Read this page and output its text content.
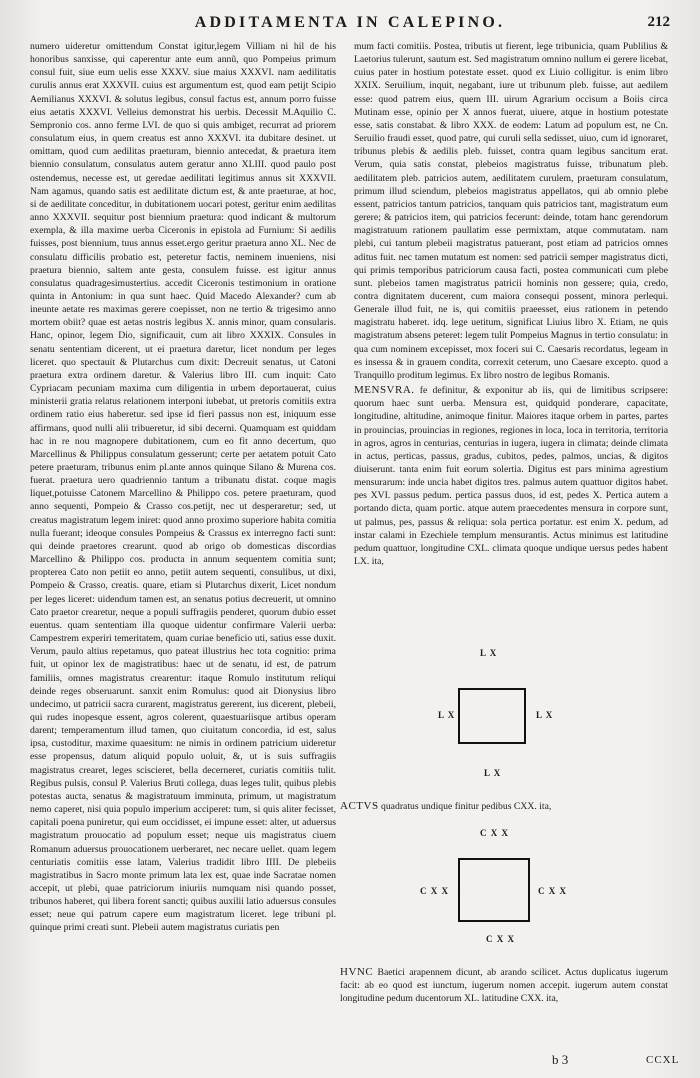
ADDITAMENTA IN CALEPINO.	212

numero uideretur omittendum Constat igitur,legem Villiam ni hil de his honoribus sanxisse, qui caperentur ante eum annũ, quo Pompeius primum consul fuit, siue eum uelis esse XXXV. siue maius XXXVI. nam aedilitatis curulis annus erat XXXVII. cuius est argumentum est, quod eam petijt Scipio Aemilianus XXXVI. & solutus legibus, consul factus est, annum porro fuisse eius aetatis XXXVI. Velleius demonstrat his uerbis. Decessit M.Aquilio C. Sempronio cos. anno ferme LVI. de quo si quis ambiget, recurrat ad priorem consulatum eius, in quem creatus est anno XXXVI. ita dubitare desinet. ut omittam, quod cum aedilitas praeturam, biennio antecedat, & praetura item biennio consulatum, consulatus autem geratur anno XLIII. quod paulo post ostendemus, necesse est, ut geredae aedilitati legitimus annus sit XXXVII. Nam agamus, quando satis est aedilitate dictum est, & ante praeturae, at hoc, si de aedilitate conceditur, in dubitationem uocari potest, geritur enim aedilitas anno XXXVII. sequitur post biennium praetura: quod indicant & multorum exempla, & illa maxime uerba Ciceronis in epistola ad Furnium: Si aedilis fuisses, post biennium, tuus annus esset.ergo geritur praetura anno XL. Nec de consulatu difficilis probatio est, peteretur factis, neminem inueniens, nisi praetura biennio, saltem ante gesta, consulem fuisse. est igitur annus consulatus quadragesimustertius. accedit Ciceronis testimonium in oratione quinta in Antonium: in qua sunt haec. Quid Macedo Alexander? cum ab ineunte aetate res maximas gerere coepisset, non ne tertio & trigesimo anno mortem obiit? quae est aetas nostris legibus X. annis minor, quam consularis. Hanc, opinor, legem Dio, significauit, cum ait libro XXXIX. Consules in senatu sententiam dicerent, ut ei praetura daretur, licet nondum per leges liceret. quo spectauit & Plutarchus cum dixit: Decreuit senatus, ut Catoni praetura extra ordinem daretur. & Valerius libro III. cum inquit: Cato Cypriacam pecuniam maxima cum diligentia in urbem deportauerat, cuius ministerii gratia relatus relationem interponi iubebat, ut pretoris comitiis extra ordinem ratio eius haberetur. sed ipse id fieri passus non est, iniquum esse affirmans, quod nulli alii tribueretur, id sibi decerni. Quamquam est quiddam hac in re nou magnopere dubitationem, cum eo fit anno decertum, quo Marcellinus & Philippus consulatum gesserunt; certe per aetatem potuit Cato petere praeturam, tribunus enim pl.ante annos quinque Silano & Murena cos. fuerat. praetura uero quadriennio tantum a tribunatu distat. coque magis liquet,potuisse Catonem Marcellino & Philippo cos. petere praeturam, quod anno sequenti, Pompeio & Crasso cos.petijt, nec ut desperaretur; sed, ut creatus magistratum legem iniret: quod anno proximo superiore habita comitia nulla fuerant; ideoque consules Pompeius & Crassus ex interregno facti sunt: qui deinde praetores crearunt. quod ab origo ob domesticas discordias Marcellino & Philippo cos. producta in annum sequentem comitia sunt; propterea Cato non petiit eo anno, petiit autem sequenti, consulibus, ut dixi, Pompeio & Crasso, creatis. quare, etiam si Plutarchus dixerit, Licet nondum per leges liceret: uidendum tamen est, an senatus potius decreuerit, ut omnino Cato praetor crearetur, neque a populi suffragiis penderet, quorum dubio esset euentus. quam sententiam illa quoque uidentur confirmare Valerii uerba: Campestrem experiri temeritatem, quam curiae beneficio uti, satius esse duxit. Verum, paulo altius repetamus, quo pateat illustrius hec tota cognitio: prima fuit, ut opinor lex de magistratibus: haec ut de senatu, id est, de patrum familiis, omnes magistratus crearentur: itaque Romulo institutum reliqui deinde reges obseruarunt. sanxit enim Romulus: quod ait Dionysius libro undecimo, ut patricii sacra curarent, magistratus gererent, ius dicerent, plebeii, qui rudes inopesque essent, agros colerent, quaestuariisque artibus operam darent; temperamentum illud tamen, quo ciuitatum concordia, id est, salus ipsa, custoditur, maxime quaesitum: ne nimis in ordinem patricium uideretur esse propensus, datum aliquid populo uoluit, &, ut is suis suffragiis magistratus crearet, leges sciscieret, bella decerneret, curiatis comitiis tulit. Regibus pulsis, consul P. Valerius Bruti collega, duas leges tulit, quibus plebis potestas aucta, senatus & magistratuum imminuta, primum, ut magistratum nemo caperet, nisi quia populo imperium acciperet: tum, si quis aliter fecisset, capitali poena puniretur, qui eum occidisset, ei impune esset: alter, ut aduersus magistratum prouocatio ad populum esset; neque uis magistratus ciuem Romanum aduersus prouocationem uerberaret, nec necare uellet. quam legem centuriatis comitiis esse latam, Valerius tradidit libro IIII. De plebeiis magistratibus in Sacro monte primum lata lex est, quae inde Sacratae nomen accepit, ut plebi, quae patriciorum iniuriis numquam nisi quando posset, tribunos haberet, qui libera forent sancti; quibus auxilii latio aduersus consules esset; neue qui patrum capere eum magistratum liceret. lege tribuni pl. quinque primi creati sunt. Plebeii autem magistratus curiatis pen

mum facti comitiis. Postea, tributis ut fierent, lege tribunicia, quam Publilius & Laetorius tulerunt, sautum est. Sed magistratum omnino nullum ei gerere licebat, cuius pater in hostium potestate esset. quod ex Liuio colligitur. is enim libro XXIX. Seruilium, inquit, negabant, iure ut tribunum pleb. fuisse, aut aedilem esse: quod patrem eius, quem III. uirum Agrarium occisum a Boiis circa Mutinam esse, opinio per X annos fuerat, uiuere, atque in hostium potestate esse, satis constabat. & libro XXX. de eodem: Latum ad populum est, ne Cn. Seruilio fraudi esset, quod patre, qui curuli sella sedisset, uiuo, cum id ignoraret, tribunus plebis & aedilis pleb. fuisset, contra quam legibus sancitum erat. Verum, quia satis constat, plebeios magistratus fuisse, tribunatum pleb. aedilitatem pleb. patricios autem, aedilitatem curulem, praeturam consulatum, primum illud sciendum, plebeios magistratus appellatos, qui ab omnio plebe essent, patricios tantum patricios, tanquam quis patricios tant, magistratum eum gerere; & patricios item, qui patricios fecerunt: deinde, totam hanc gerendorum magistratuum rationem paullatim esse permixtam, atque commutatam. nam plebi, cui tantum plebeii magistratus patuerant, post etiam ad patricios omnes aditus fuit. nec tamen mutatum est nomen: sed patricii semper magistratus dicti, qui primis temporibus patriciorum causa facti, postea communicati cum plebe sunt. plebeios tamen magistratus patricii hominis non gessere; quia, credo, contra dignitatem ducerent, cum maiora consequi possent, minora perlequi. Generale illud fuit, ne is, qui comitiis praeesset, eius rationem in petendo magistratu haberet. idq. lege uetitum, significat Liuius libro X. Etiam, ne quis magistratum absens peteret: legem tulit Pompeius Magnus in tertio consulatu: in qua cum nominem excepisset, mox foceri sui C. Caesaris recordatus, legeam in es insessa & in grauem condita, correxit ceterum, uno Caesare excepto. quod a Tranquillo proditum legimus. Ex libro nostro de legibus Romanis.

MENSVRA. fe definitur, & exponitur ab iis, qui de limitibus scripsere: quorum haec sunt uerba. Mensura est, quidquid ponderare, capacitate, longitudine, altitudine, animoque finitur. Maiores itaque orbem in partes, partes in prouincias, prouincias in regiones, regiones in loca, loca in territoria, territoria in agros, agros in centurias, centurias in iugera, iugera in climata; deinde climata in actus, perticas, passus, gradus, cubitos, pedes, palmos, uncias, & digitos diuiserunt. tanta enim fuit eorum solertia. Digitus est pars minima agrestium mensurarum: inde uncia habet digitos tres. palmus autem quattuor digitos habet. pes XVI. passus pedum. pertica passus duos, id est, pedes X. Pertica autem a portando dicta, quam portic. atque autem praecedentes mensura in corpore sunt, ut palmus, pes, passus & reliqua: sola pertica portatur. est enim X. pedum, ad instar calami in Ezechiele templum mensurantis. Actus minimus est latitudine pedum quattuor, longitudine CXL. climata quoque undique uersus pedes habent LX. ita,

L X
L X	L X
L X
ACTVS quadratus undique finitur pedibus CXX. ita,
C X X
C X X	C X X
C X X
HVNC Baetici arapennem dicunt, ab arando scilicet. Actus duplicatus iugerum facit: ab eo quod est iunctum, iugerum nomen accepit. iugerum autem constat longitudine pedum ducentorum XL. latitudine CXX. ita,
b 3	CCXL
